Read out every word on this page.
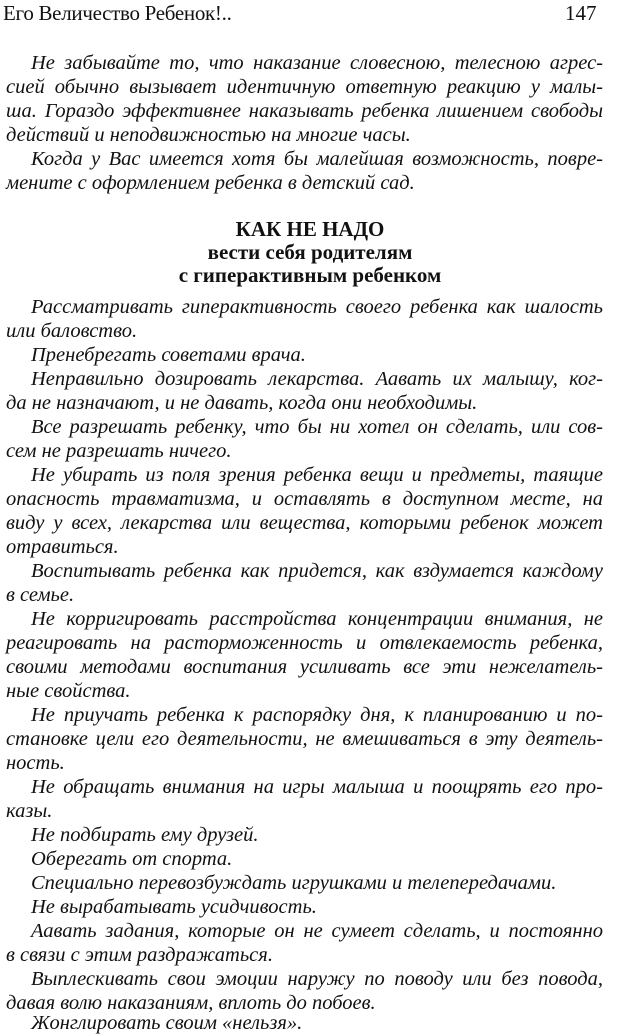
Его Величество Ребенок!..	147
Не забывайте то, что наказание словесною, телесною агрес-
сией обычно вызывает идентичную ответную реакцию у малы-
ша. Гораздо эффективнее наказывать ребенка лишением свободы
действий и неподвижностью на многие часы.
Когда у Вас имеется хотя бы малейшая возможность, повре-
мените с оформлением ребенка в детский сад.
КАК НЕ НАДО
вести себя родителям
с гиперактивным ребенком
Рассматривать гиперактивность своего ребенка как шалость
или баловство.
Пренебрегать советами врача.
Неправильно дозировать лекарства. Аавать их малышу, ког-
да не назначают, и не давать, когда они необходимы.
Все разрешать ребенку, что бы ни хотел он сделать, или сов-
сем не разрешать ничего.
Не убирать из поля зрения ребенка вещи и предметы, таящие
опасность травматизма, и оставлять в доступном месте, на
виду у всех, лекарства или вещества, которыми ребенок может
отравиться.
Воспитывать ребенка как придется, как вздумается каждому
в семье.
Не корригировать расстройства концентрации внимания, не
реагировать на расторможенность и отвлекаемость ребенка,
своими методами воспитания усиливать все эти нежелатель-
ные свойства.
Не приучать ребенка к распорядку дня, к планированию и по-
становке цели его деятельности, не вмешиваться в эту деятель-
ность.
Не обращать внимания на игры малыша и поощрять его про-
казы.
Не подбирать ему друзей.
Оберегать от спорта.
Специально перевозбуждать игрушками и телепередачами.
Не вырабатывать усидчивость.
Аавать задания, которые он не сумеет сделать, и постоянно
в связи с этим раздражаться.
Выплескивать свои эмоции наружу по поводу или без повода,
давая волю наказаниям, вплоть до побоев.
Жонглировать своим «нельзя».
